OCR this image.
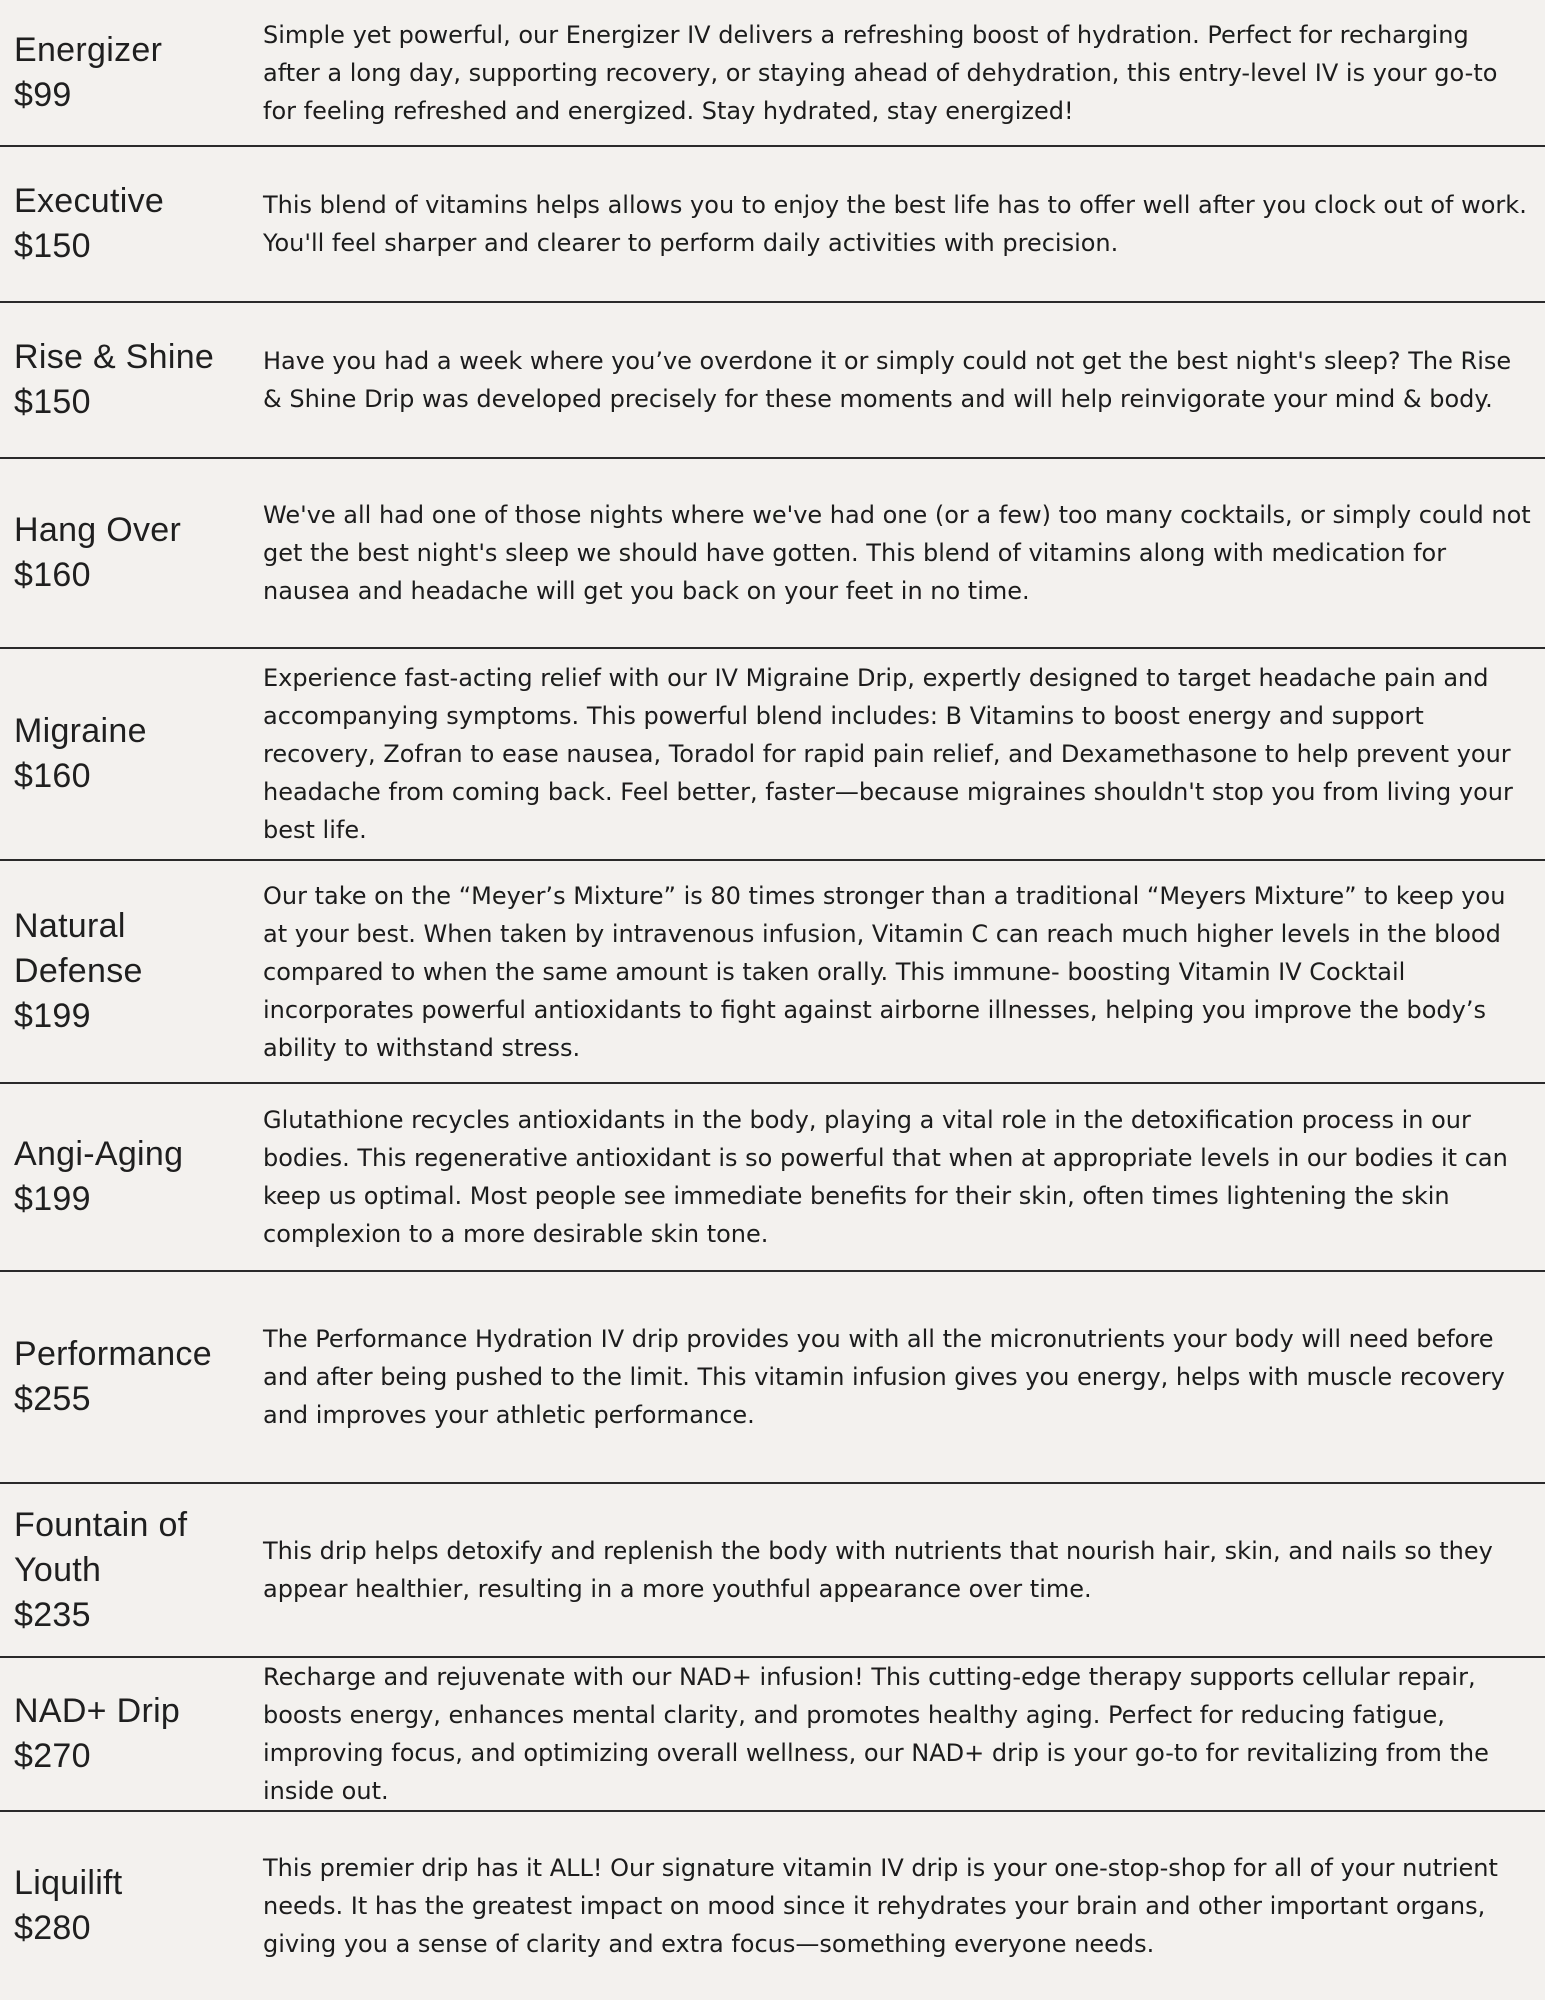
Energizer
$99

Simple yet powerful, our Energizer IV delivers a refreshing boost of hydration. Perfect for recharging after a long day, supporting recovery, or staying ahead of dehydration, this entry-level IV is your go-to for feeling refreshed and energized. Stay hydrated, stay energized!

Executive
$150

This blend of vitamins helps allows you to enjoy the best life has to offer well after you clock out of work. You'll feel sharper and clearer to perform daily activities with precision.

Rise & Shine
$150

Have you had a week where you’ve overdone it or simply could not get the best night's sleep? The Rise & Shine Drip was developed precisely for these moments and will help reinvigorate your mind & body.

Hang Over
$160

We've all had one of those nights where we've had one (or a few) too many cocktails, or simply could not get the best night's sleep we should have gotten. This blend of vitamins along with medication for nausea and headache will get you back on your feet in no time.

Migraine
$160

Experience fast-acting relief with our IV Migraine Drip, expertly designed to target headache pain and accompanying symptoms. This powerful blend includes: B Vitamins to boost energy and support recovery, Zofran to ease nausea, Toradol for rapid pain relief, and Dexamethasone to help prevent your headache from coming back. Feel better, faster—because migraines shouldn't stop you from living your best life.

Natural Defense
$199

Our take on the “Meyer’s Mixture” is 80 times stronger than a traditional “Meyers Mixture” to keep you at your best. When taken by intravenous infusion, Vitamin C can reach much higher levels in the blood compared to when the same amount is taken orally. This immune- boosting Vitamin IV Cocktail incorporates powerful antioxidants to fight against airborne illnesses, helping you improve the body’s ability to withstand stress.

Angi-Aging
$199

Glutathione recycles antioxidants in the body, playing a vital role in the detoxification process in our bodies. This regenerative antioxidant is so powerful that when at appropriate levels in our bodies it can keep us optimal. Most people see immediate benefits for their skin, often times lightening the skin complexion to a more desirable skin tone.

Performance
$255

The Performance Hydration IV drip provides you with all the micronutrients your body will need before and after being pushed to the limit. This vitamin infusion gives you energy, helps with muscle recovery and improves your athletic performance.

Fountain of Youth
$235

This drip helps detoxify and replenish the body with nutrients that nourish hair, skin, and nails so they appear healthier, resulting in a more youthful appearance over time.

NAD+ Drip
$270

Recharge and rejuvenate with our NAD+ infusion! This cutting-edge therapy supports cellular repair, boosts energy, enhances mental clarity, and promotes healthy aging. Perfect for reducing fatigue, improving focus, and optimizing overall wellness, our NAD+ drip is your go-to for revitalizing from the inside out.

Liquilift
$280

This premier drip has it ALL! Our signature vitamin IV drip is your one-stop-shop for all of your nutrient needs. It has the greatest impact on mood since it rehydrates your brain and other important organs, giving you a sense of clarity and extra focus—something everyone needs.
